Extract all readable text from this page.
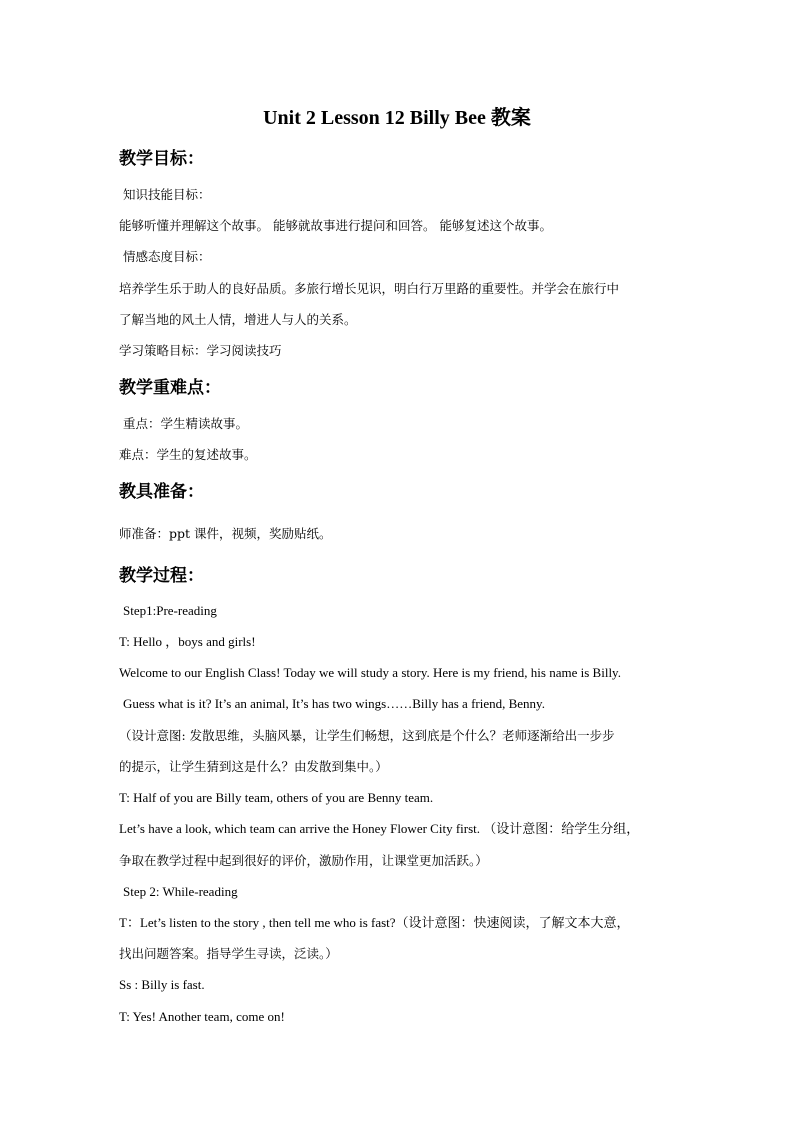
Unit 2 Lesson 12 Billy Bee 教案
教学目标：
知识技能目标：
能够听懂并理解这个故事。 能够就故事进行提问和回答。 能够复述这个故事。
情感态度目标：
培养学生乐于助人的良好品质。多旅行增长见识，明白行万里路的重要性。并学会在旅行中
了解当地的风土人情，增进人与人的关系。
学习策略目标：学习阅读技巧
教学重难点：
重点：学生精读故事。
难点：学生的复述故事。
教具准备：
师准备：ppt 课件，视频，奖励贴纸。
教学过程：
Step1:Pre-reading
T: Hello ，boys and girls!
Welcome to our English Class! Today we will study a story. Here is my friend, his name is Billy.
Guess what is it? It’s an animal, It’s has two wings……Billy has a friend, Benny.
（设计意图: 发散思维，头脑风暴，让学生们畅想，这到底是个什么？老师逐渐给出一步步
的提示，让学生猜到这是什么？由发散到集中。）
T: Half of you are Billy team, others of you are Benny team.
Let’s have a look, which team can arrive the Honey Flower City first. （设计意图：给学生分组，
争取在教学过程中起到很好的评价，激励作用，让课堂更加活跃。）
Step 2: While-reading
T：Let’s listen to the story , then tell me who is fast?（设计意图：快速阅读，了解文本大意，
找出问题答案。指导学生寻读，泛读。）
Ss : Billy is fast.
T: Yes! Another team, come on!
